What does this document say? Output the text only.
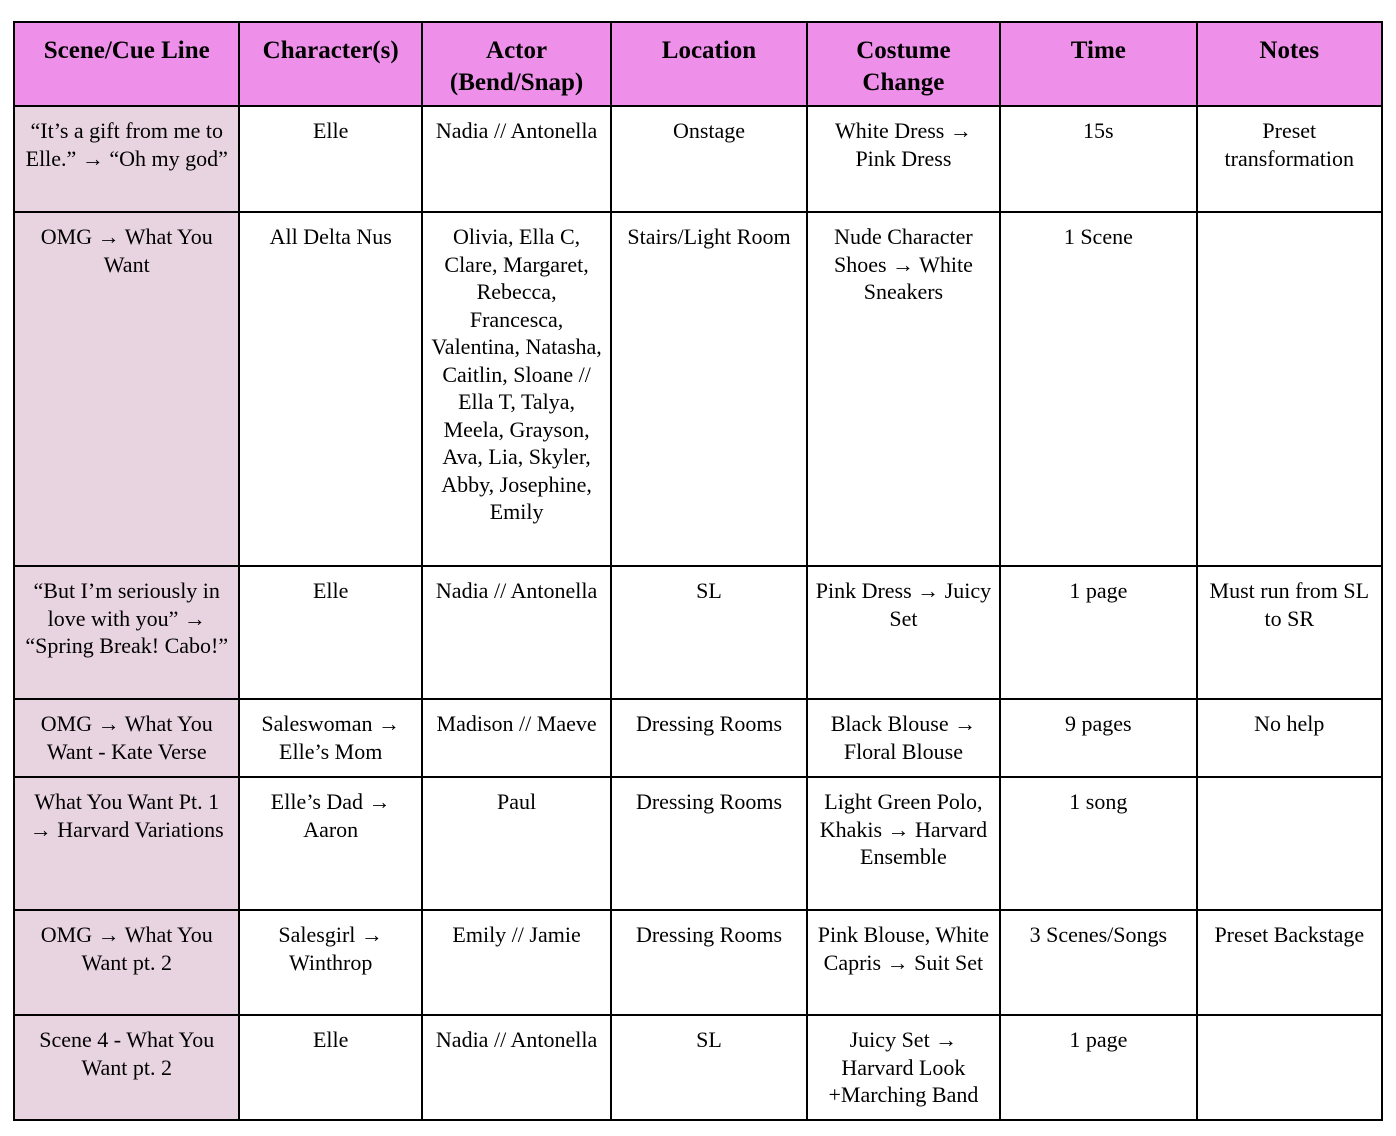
Scene/Cue Line	Character(s)	Actor (Bend/Snap)	Location	Costume Change	Time	Notes
“It’s a gift from me to Elle.” → “Oh my god”	Elle	Nadia // Antonella	Onstage	White Dress → Pink Dress	15s	Preset transformation
OMG → What You Want	All Delta Nus	Olivia, Ella C, Clare, Margaret, Rebecca, Francesca, Valentina, Natasha, Caitlin, Sloane // Ella T, Talya, Meela, Grayson, Ava, Lia, Skyler, Abby, Josephine, Emily	Stairs/Light Room	Nude Character Shoes → White Sneakers	1 Scene	
“But I’m seriously in love with you” → “Spring Break! Cabo!”	Elle	Nadia // Antonella	SL	Pink Dress → Juicy Set	1 page	Must run from SL to SR
OMG → What You Want - Kate Verse	Saleswoman → Elle’s Mom	Madison // Maeve	Dressing Rooms	Black Blouse → Floral Blouse	9 pages	No help
What You Want Pt. 1 → Harvard Variations	Elle’s Dad → Aaron	Paul	Dressing Rooms	Light Green Polo, Khakis → Harvard Ensemble	1 song	
OMG → What You Want pt. 2	Salesgirl → Winthrop	Emily // Jamie	Dressing Rooms	Pink Blouse, White Capris → Suit Set	3 Scenes/Songs	Preset Backstage
Scene 4 - What You Want pt. 2	Elle	Nadia // Antonella	SL	Juicy Set → Harvard Look +Marching Band	1 page	
